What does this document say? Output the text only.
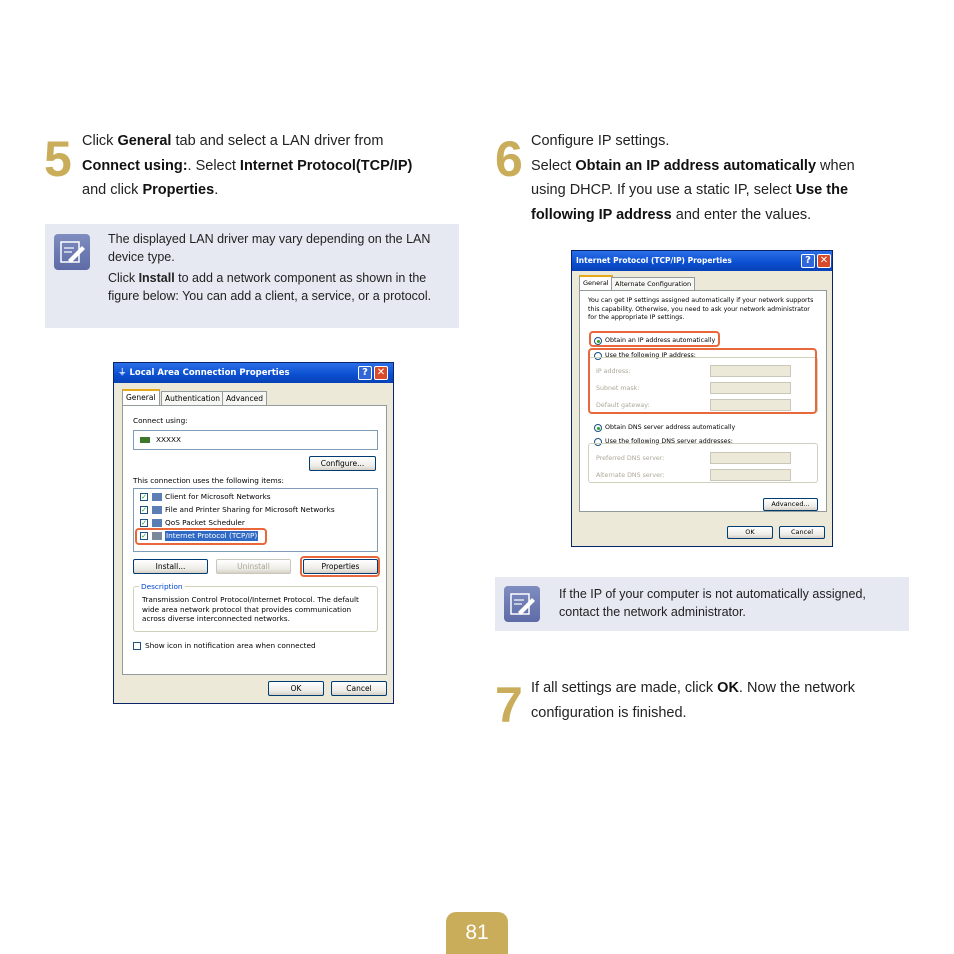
5 Click General tab and select a LAN driver from
Connect using:. Select Internet Protocol(TCP/IP)
and click Properties.

The displayed LAN driver may vary depending on the LAN device type.

Click Install to add a network component as shown in the figure below: You can add a client, a service, or a protocol.

⏚ Local Area Connection Properties	? ✕
General	Authentication Advanced
Connect using:
XXXXX
Configure...
This connection uses the following items:
✓ Client for Microsoft Networks
✓ File and Printer Sharing for Microsoft Networks
✓ QoS Packet Scheduler
✓	Internet Protocol (TCP/IP)
Install...	Uninstall	Properties
Description
Transmission Control Protocol/Internet Protocol. The default wide area network protocol that provides communication across diverse interconnected networks.
Show icon in notification area when connected
OK	Cancel
6 Configure IP settings.
Select Obtain an IP address automatically when
using DHCP. If you use a static IP, select Use the
following IP address and enter the values.
Internet Protocol (TCP/IP) Properties	? ✕
General Alternate Configuration
You can get IP settings assigned automatically if your network supports this capability. Otherwise, you need to ask your network administrator for the appropriate IP settings.
Obtain an IP address automatically
Use the following IP address:
IP address:
Subnet mask:
Default gateway:
Obtain DNS server address automatically
Use the following DNS server addresses:
Preferred DNS server:
Alternate DNS server:
Advanced...
OK	Cancel
If the IP of your computer is not automatically assigned, contact the network administrator.
7 If all settings are made, click OK. Now the network
configuration is finished.
81
